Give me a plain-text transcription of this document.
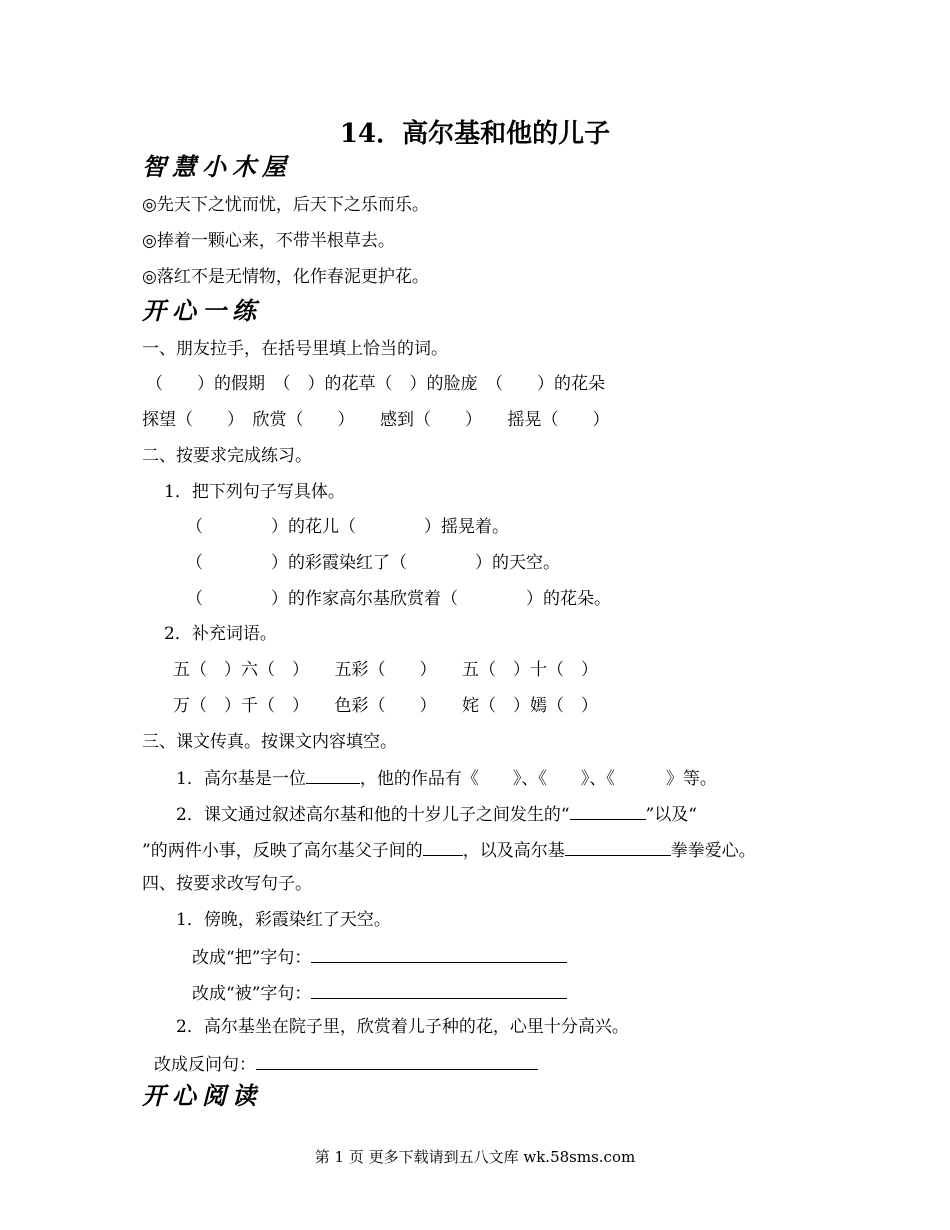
14．高尔基和他的儿子
智慧小木屋
◎先天下之忧而忧，后天下之乐而乐。
◎捧着一颗心来，不带半根草去。
◎落红不是无情物，化作春泥更护花。
开心一练
一、朋友拉手，在括号里填上恰当的词。
（　　）的假期　（　）的花草（　）的脸庞　（　　）的花朵
探望（　　）　欣赏（　　）　　感到（　　）　　摇晃（　　）
二、按要求完成练习。
1．把下列句子写具体。
（　　　　）的花儿（　　　　）摇晃着。
（　　　　）的彩霞染红了（　　　　）的天空。
（　　　　）的作家高尔基欣赏着（　　　　）的花朵。
2．补充词语。
五（　）六（　）　　五彩（　　）　　五（　）十（　）
万（　）千（　）　　色彩（　　）　　姹（　）嫣（　）
三、课文传真。按课文内容填空。
1．高尔基是一位	，他的作品有《　　》、《　　》、《　　　》等。
2．课文通过叙述高尔基和他的十岁儿子之间发生的“	”以及“
”的两件小事，反映了高尔基父子间的 ，以及高尔基	拳拳爱心。
四、按要求改写句子。
1．傍晚，彩霞染红了天空。
改成“把”字句：
改成“被”字句：
2．高尔基坐在院子里，欣赏着儿子种的花，心里十分高兴。
改成反问句：
开心阅读
第 1 页 更多下载请到五八文库 wk.58sms.com
